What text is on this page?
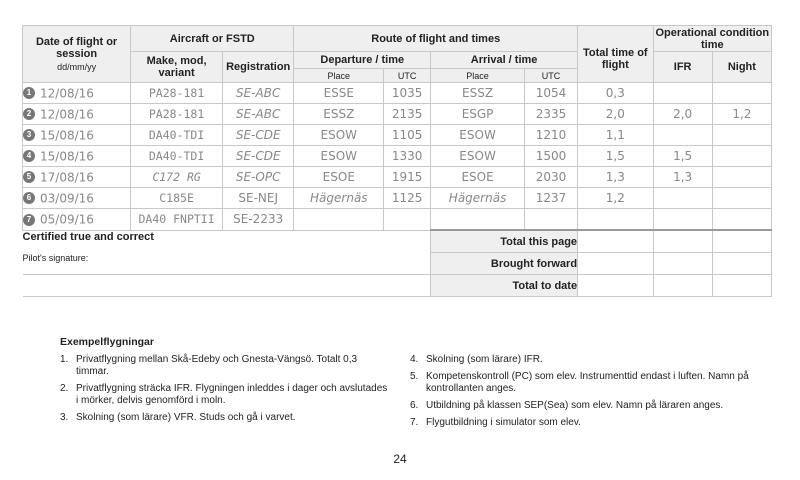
Date of flight or session
dd/mm/yy	Aircraft or FSTD		Route of flight and times				Total time of flight	Operational condition time	
	Make, mod, variant	Registration	Departure / time		Arrival / time			IFR	Night
			Place	UTC	Place	UTC			
1 12/08/16	PA28-181	SE-ABC	ESSE	1035	ESSZ	1054	0,3		
2 12/08/16	PA28-181	SE-ABC	ESSZ	2135	ESGP	2335	2,0	2,0	1,2
3 15/08/16	DA40-TDI	SE-CDE	ESOW	1105	ESOW	1210	1,1		
4 15/08/16	DA40-TDI	SE-CDE	ESOW	1330	ESOW	1500	1,5	1,5	
5 17/08/16	C172 RG	SE-OPC	ESOE	1915	ESOE	2030	1,3	1,3	
6 03/09/16	C185E	SE-NEJ	Hägernäs	1125	Hägernäs	1237	1,2		
7 05/09/16	DA40 FNPTII	SE-2233							
Certified true and correct					Total this page				
Pilot's signature:					Brought forward				
					Total to date				
Exempelflygningar
1. Privatflygning mellan Skå-Edeby och Gnesta-Vängsö. Totalt 0,3 timmar.
2. Privatflygning sträcka IFR. Flygningen inleddes i dager och avslutades i mörker, delvis genomförd i moln.
3. Skolning (som lärare) VFR. Studs och gå i varvet.
4. Skolning (som lärare) IFR.
5. Kompetenskontroll (PC) som elev. Instrumenttid endast i luften. Namn på kontrollanten anges.
6. Utbildning på klassen SEP(Sea) som elev. Namn på läraren anges.
7. Flygutbildning i simulator som elev.
24
